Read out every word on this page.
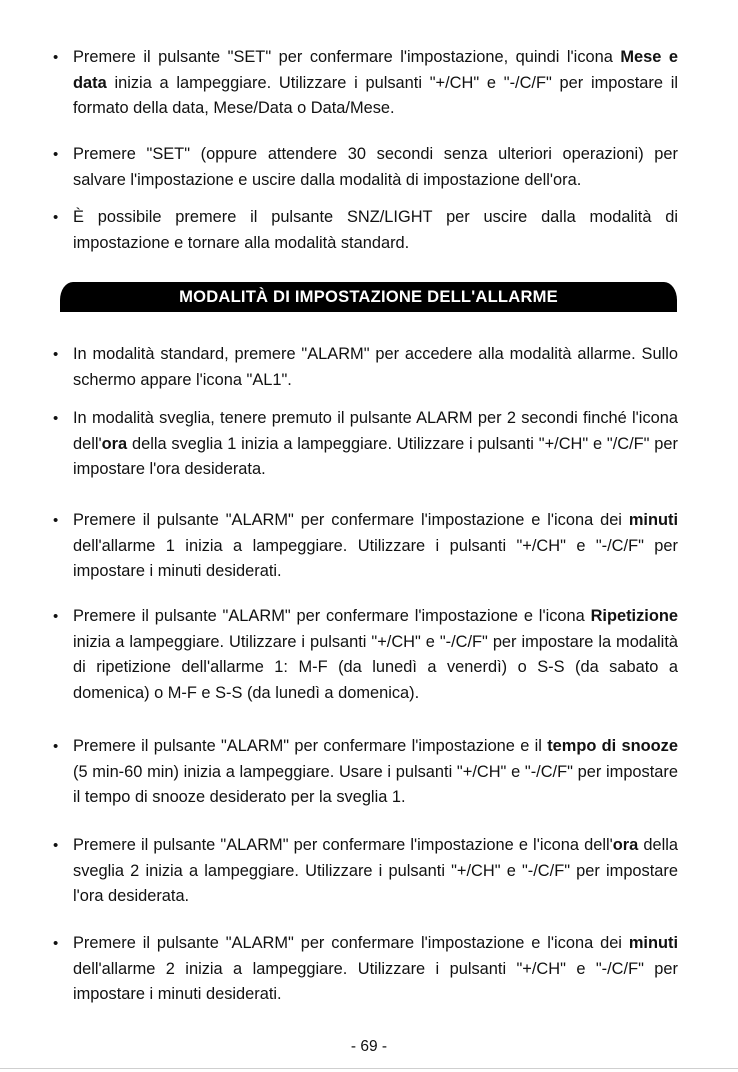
• Premere il pulsante "SET" per confermare l'impostazione, quindi l'icona Mese e data inizia a lampeggiare. Utilizzare i pulsanti "+/CH" e "-/C/F" per impostare il formato della data, Mese/Data o Data/Mese.
• Premere "SET" (oppure attendere 30 secondi senza ulteriori operazioni) per salvare l'impostazione e uscire dalla modalità di impostazione dell'ora.
• È possibile premere il pulsante SNZ/LIGHT per uscire dalla modalità di impostazione e tornare alla modalità standard.
MODALITÀ DI IMPOSTAZIONE DELL'ALLARME
• In modalità standard, premere "ALARM" per accedere alla modalità allarme. Sullo schermo appare l'icona "AL1".
• In modalità sveglia, tenere premuto il pulsante ALARM per 2 secondi finché l'icona dell'ora della sveglia 1 inizia a lampeggiare. Utilizzare i pulsanti "+/CH" e "/C/F" per impostare l'ora desiderata.
• Premere il pulsante "ALARM" per confermare l'impostazione e l'icona dei minuti dell'allarme 1 inizia a lampeggiare. Utilizzare i pulsanti "+/CH" e "-/C/F" per impostare i minuti desiderati.
• Premere il pulsante "ALARM" per confermare l'impostazione e l'icona Ripetizione inizia a lampeggiare. Utilizzare i pulsanti "+/CH" e "-/C/F" per impostare la modalità di ripetizione dell'allarme 1: M-F (da lunedì a venerdì) o S-S (da sabato a domenica) o M-F e S-S (da lunedì a domenica).
• Premere il pulsante "ALARM" per confermare l'impostazione e il tempo di snooze (5 min-60 min) inizia a lampeggiare. Usare i pulsanti "+/CH" e "-/C/F" per impostare il tempo di snooze desiderato per la sveglia 1.
• Premere il pulsante "ALARM" per confermare l'impostazione e l'icona dell'ora della sveglia 2 inizia a lampeggiare. Utilizzare i pulsanti "+/CH" e "-/C/F" per impostare l'ora desiderata.
• Premere il pulsante "ALARM" per confermare l'impostazione e l'icona dei minuti dell'allarme 2 inizia a lampeggiare. Utilizzare i pulsanti "+/CH" e "-/C/F" per impostare i minuti desiderati.
- 69 -
